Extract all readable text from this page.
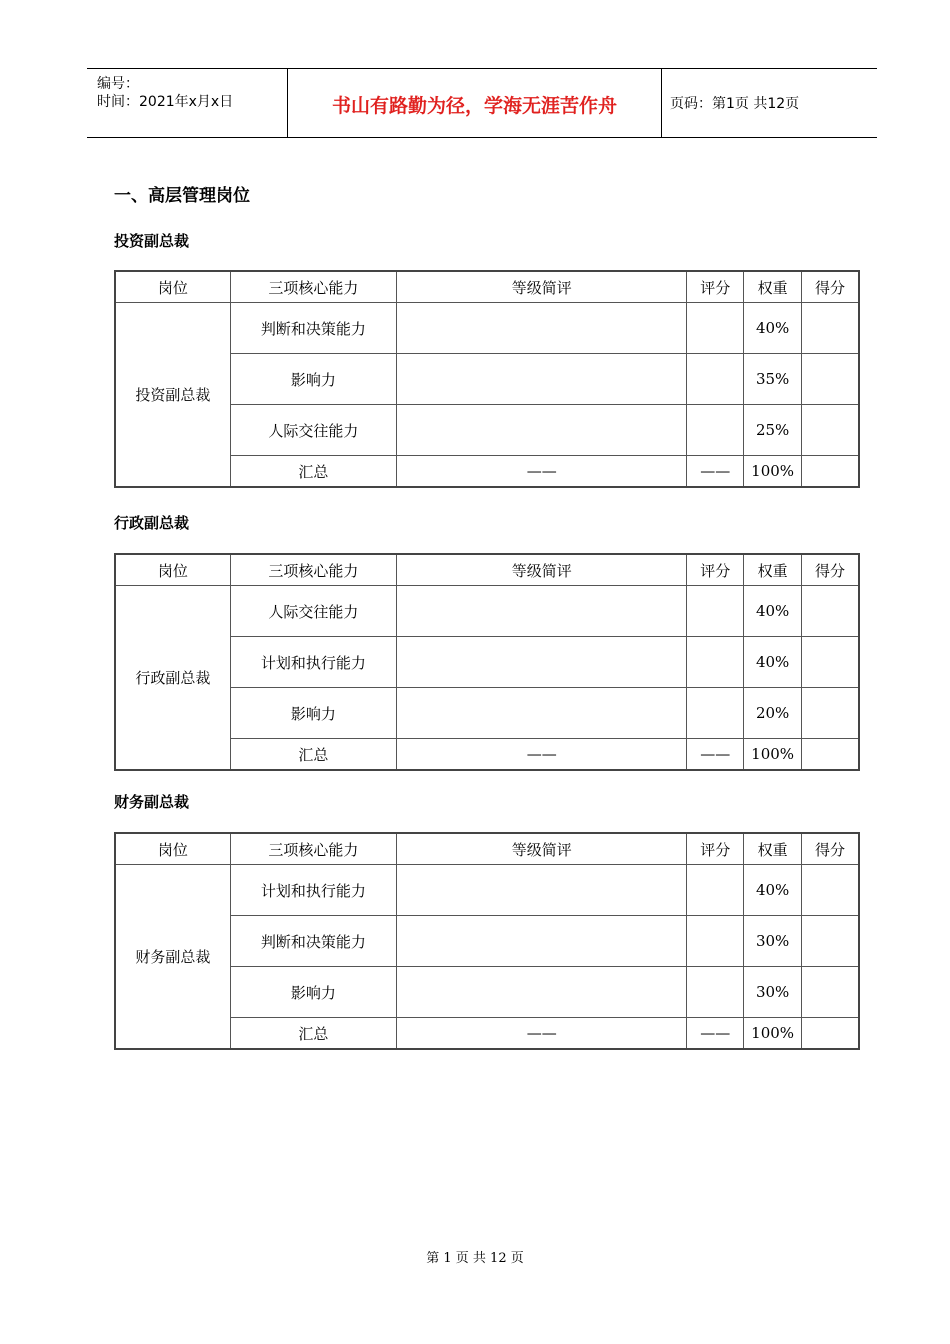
编号：
时间：2021年x月x日	书山有路勤为径，学海无涯苦作舟	页码：第1页 共12页
一、高层管理岗位
投资副总裁
岗位	三项核心能力	等级简评	评分	权重	得分
投资副总裁	判断和决策能力			40%	
	影响力			35%	
	人际交往能力			25%	
	汇总	——	——	100%	
行政副总裁
岗位	三项核心能力	等级简评	评分	权重	得分
行政副总裁	人际交往能力			40%	
	计划和执行能力			40%	
	影响力			20%	
	汇总	——	——	100%	
财务副总裁
岗位	三项核心能力	等级简评	评分	权重	得分
财务副总裁	计划和执行能力			40%	
	判断和决策能力			30%	
	影响力			30%	
	汇总	——	——	100%	
第 1 页 共 12 页
